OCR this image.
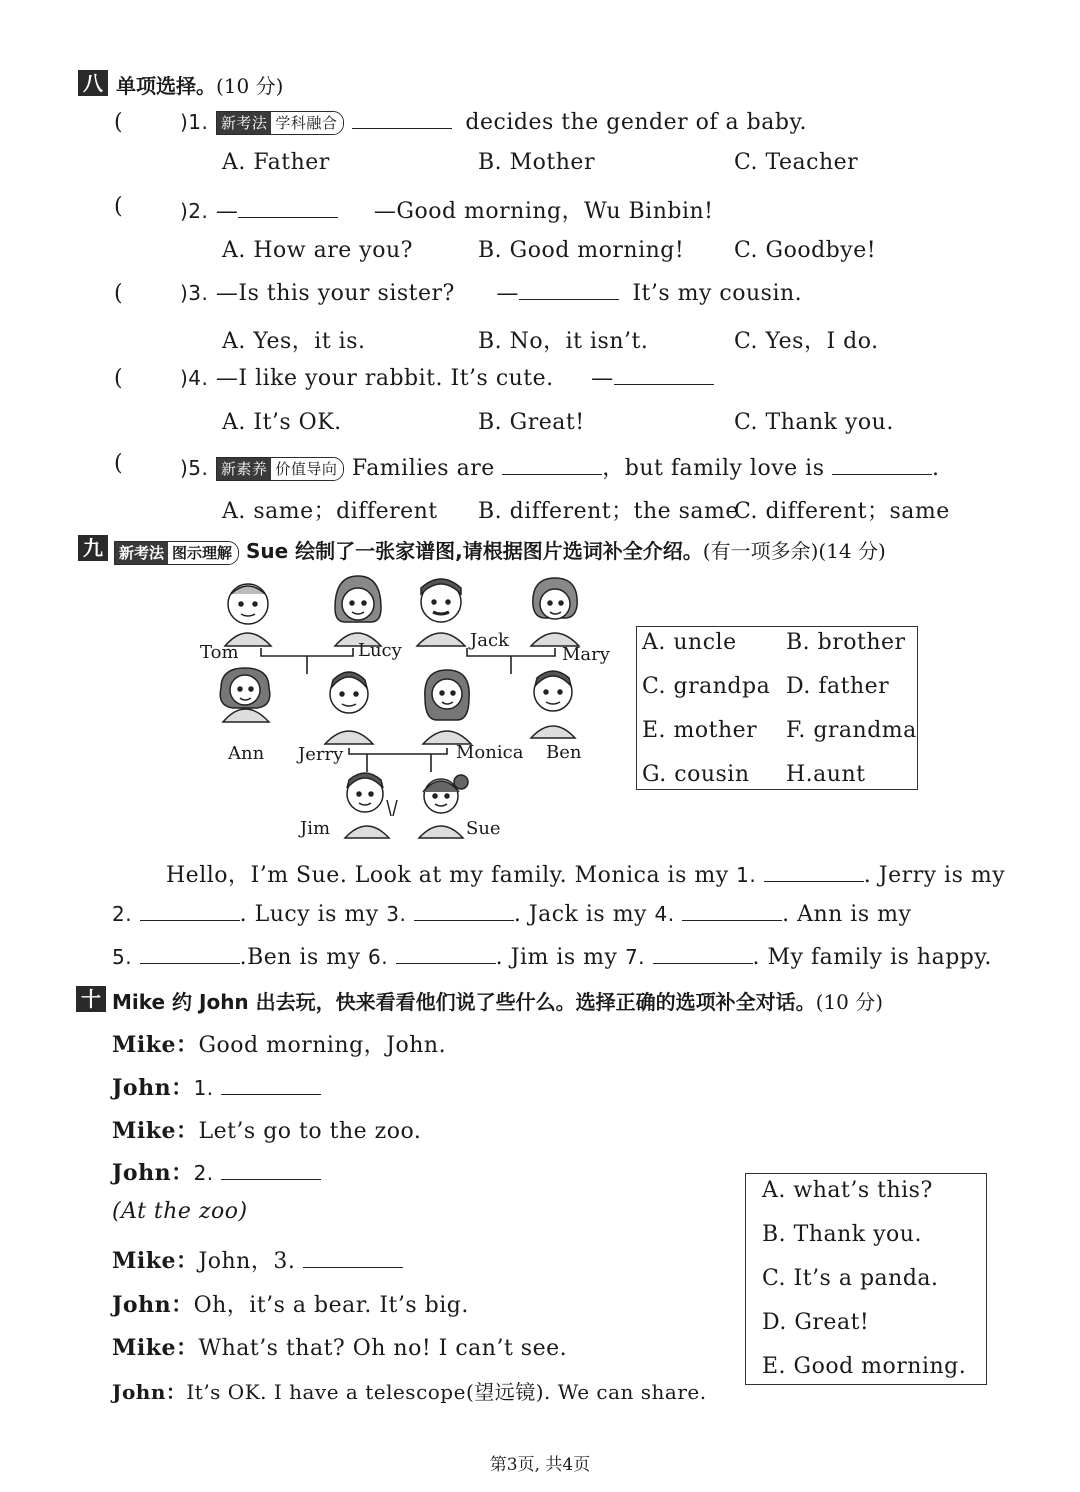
八 单项选择。(10 分)
(	)1. 新考法 学科融合	decides the gender of a baby.
A. Father	B. Mother	C. Teacher
(	)2. —	—Good morning，Wu Binbin!
A. How are you?	B. Good morning! C. Goodbye!
(	)3. —Is this your sister? —	It’s my cousin.
A. Yes，it is.	B. No，it isn’t.	C. Yes，I do.
(	)4. —I like your rabbit. It’s cute. —
A. It’s OK.	B. Great!	C. Thank you.
(	)5. 新素养 价值导向 Families are	，but family love is	.
A. same；different B. different；the same
C. different；same
九	新考法 图示理解 Sue 绘制了一张家谱图,请根据图片选词补全介绍。(有一项多余)(14 分)
Tom	Lucy	Jack
Mary
Ann Jerry	Monica Ben
Jim	Sue
A. uncle B. brother
C. grandpa D. father
E. mother F. grandma
G. cousin H.aunt
Hello，I’m Sue. Look at my family. Monica is my 1.	. Jerry is my
2.	. Lucy is my 3.	. Jack is my 4.	. Ann is my
5.	.Ben is my 6.	. Jim is my 7.	. My family is happy.
十 Mike 约 John 出去玩，快来看看他们说了些什么。选择正确的选项补全对话。(10 分)
Mike：Good morning，John.
John：1.
Mike：Let’s go to the zoo.
John：2.
(At the zoo)
Mike：John，3.
John：Oh，it’s a bear. It’s big.
Mike：What’s that? Oh no! I can’t see.
John：It’s OK. I have a telescope(望远镜). We can share.
A. what’s this?
B. Thank you.
C. It’s a panda.
D. Great!
E. Good morning.
第3页, 共4页
